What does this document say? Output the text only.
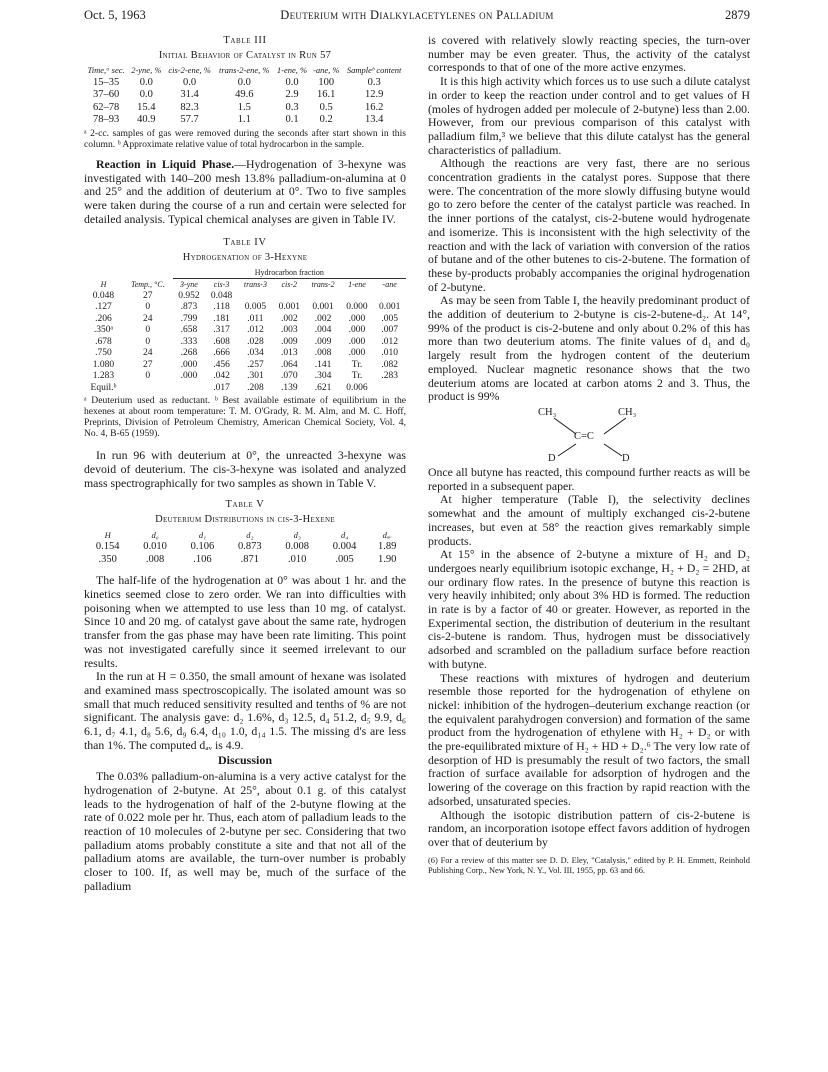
Oct. 5, 1963	Deuterium with Dialkylacetylenes on Palladium	2879

Table III

Initial Behavior of Catalyst in Run 57

Time,ᵃ sec.	2-yne, %	cis-2-ene, %	trans-2-ene, %	1-ene, %	-ane, %	Sampleᵇ content
15–35	0.0	0.0	0.0	0.0	100	0.3
37–60	0.0	31.4	49.6	2.9	16.1	12.9
62–78	15.4	82.3	1.5	0.3	0.5	16.2
78–93	40.9	57.7	1.1	0.1	0.2	13.4

ᵃ 2-cc. samples of gas were removed during the seconds after start shown in this column. ᵇ Approximate relative value of total hydrocarbon in the sample.

Reaction in Liquid Phase.—Hydrogenation of 3-hexyne was investigated with 140–200 mesh 13.8% palladium-on-alumina at 0 and 25° and the addition of deuterium at 0°. Two to five samples were taken during the course of a run and certain were selected for detailed analysis. Typical chemical analyses are given in Table IV.

Table IV

Hydrogenation of 3-Hexyne

		Hydrocarbon fraction						
H	Temp., °C.	3-yne	cis-3	trans-3	cis-2	trans-2	1-ene	-ane
0.048	27	0.952	0.048					
.127	0	.873	.118	0.005	0.001	0.001	0.000	0.001
.206	24	.799	.181	.011	.002	.002	.000	.005
.350ᵃ	0	.658	.317	.012	.003	.004	.000	.007
.678	0	.333	.608	.028	.009	.009	.000	.012
.750	24	.268	.666	.034	.013	.008	.000	.010
1.080	27	.000	.456	.257	.064	.141	Tr.	.082
1.283	0	.000	.042	.301	.070	.304	Tr.	.283
Equil.ᵇ			.017	.208	.139	.621	0.006	

ᵃ Deuterium used as reductant. ᵇ Best available estimate of equilibrium in the hexenes at about room temperature: T. M. O'Grady, R. M. Alm, and M. C. Hoff, Preprints, Division of Petroleum Chemistry, American Chemical Society, Vol. 4, No. 4, B-65 (1959).

In run 96 with deuterium at 0°, the unreacted 3-hexyne was devoid of deuterium. The cis-3-hexyne was isolated and analyzed mass spectrographically for two samples as shown in Table V.

Table V

Deuterium Distributions in cis-3-Hexene

H	d₀	d₁	d₂	d₃	d₄	dₐᵥ
0.154	0.010	0.106	0.873	0.008	0.004	1.89
.350	.008	.106	.871	.010	.005	1.90

The half-life of the hydrogenation at 0° was about 1 hr. and the kinetics seemed close to zero order. We ran into difficulties with poisoning when we attempted to use less than 10 mg. of catalyst. Since 10 and 20 mg. of catalyst gave about the same rate, hydrogen transfer from the gas phase may have been rate limiting. This point was not investigated carefully since it seemed irrelevant to our results.

In the run at H = 0.350, the small amount of hexane was isolated and examined mass spectroscopically. The isolated amount was so small that much reduced sensitivity resulted and tenths of % are not significant. The analysis gave: d₂ 1.6%, d₃ 12.5, d₄ 51.2, d₅ 9.9, d₆ 6.1, d₇ 4.1, d₈ 5.6, d₉ 6.4, d₁₀ 1.0, d₁₄ 1.5. The missing d's are less than 1%. The computed dₐᵥ is 4.9.

Discussion

The 0.03% palladium-on-alumina is a very active catalyst for the hydrogenation of 2-butyne. At 25°, about 0.1 g. of this catalyst leads to the hydrogenation of half of the 2-butyne flowing at the rate of 0.022 mole per hr. Thus, each atom of palladium leads to the reaction of 10 molecules of 2-butyne per sec. Considering that two palladium atoms probably constitute a site and that not all of the palladium atoms are available, the turn-over number is probably closer to 100. If, as well may be, much of the surface of the palladium

is covered with relatively slowly reacting species, the turn-over number may be even greater. Thus, the activity of the catalyst corresponds to that of one of the more active enzymes.

It is this high activity which forces us to use such a dilute catalyst in order to keep the reaction under control and to get values of H (moles of hydrogen added per molecule of 2-butyne) less than 2.00. However, from our previous comparison of this catalyst with palladium film,³ we believe that this dilute catalyst has the general characteristics of palladium.

Although the reactions are very fast, there are no serious concentration gradients in the catalyst pores. Suppose that there were. The concentration of the more slowly diffusing butyne would go to zero before the center of the catalyst particle was reached. In the inner portions of the catalyst, cis-2-butene would hydrogenate and isomerize. This is inconsistent with the high selectivity of the reaction and with the lack of variation with conversion of the ratios of butane and of the other butenes to cis-2-butene. The formation of these by-products probably accompanies the original hydrogenation of 2-butyne.

As may be seen from Table I, the heavily predominant product of the addition of deuterium to 2-butyne is cis-2-butene-d₂. At 14°, 99% of the product is cis-2-butene and only about 0.2% of this has more than two deuterium atoms. The finite values of d₁ and d₀ largely result from the hydrogen content of the deuterium employed. Nuclear magnetic resonance shows that the two deuterium atoms are located at carbon atoms 2 and 3. Thus, the product is 99%

CH₃	CH₃
C=C
D	D

Once all butyne has reacted, this compound further reacts as will be reported in a subsequent paper.

At higher temperature (Table I), the selectivity declines somewhat and the amount of multiply exchanged cis-2-butene increases, but even at 58° the reaction gives remarkably simple products.

At 15° in the absence of 2-butyne a mixture of H₂ and D₂ undergoes nearly equilibrium isotopic exchange, H₂ + D₂ = 2HD, at our ordinary flow rates. In the presence of butyne this reaction is very heavily inhibited; only about 3% HD is formed. The reduction in rate is by a factor of 40 or greater. However, as reported in the Experimental section, the distribution of deuterium in the resultant cis-2-butene is random. Thus, hydrogen must be dissociatively adsorbed and scrambled on the palladium surface before reaction with butyne.

These reactions with mixtures of hydrogen and deuterium resemble those reported for the hydrogenation of ethylene on nickel: inhibition of the hydrogen–deuterium exchange reaction (or the equivalent parahydrogen conversion) and formation of the same product from the hydrogenation of ethylene with H₂ + D₂ or with the pre-equilibrated mixture of H₂ + HD + D₂.⁶ The very low rate of desorption of HD is presumably the result of two factors, the small fraction of surface available for adsorption of hydrogen and the lowering of the coverage on this fraction by rapid reaction with the adsorbed, unsaturated species.

Although the isotopic distribution pattern of cis-2-butene is random, an incorporation isotope effect favors addition of hydrogen over that of deuterium by

(6) For a review of this matter see D. D. Eley, "Catalysis," edited by P. H. Emmett, Reinhold Publishing Corp., New York, N. Y., Vol. III, 1955, pp. 63 and 66.
